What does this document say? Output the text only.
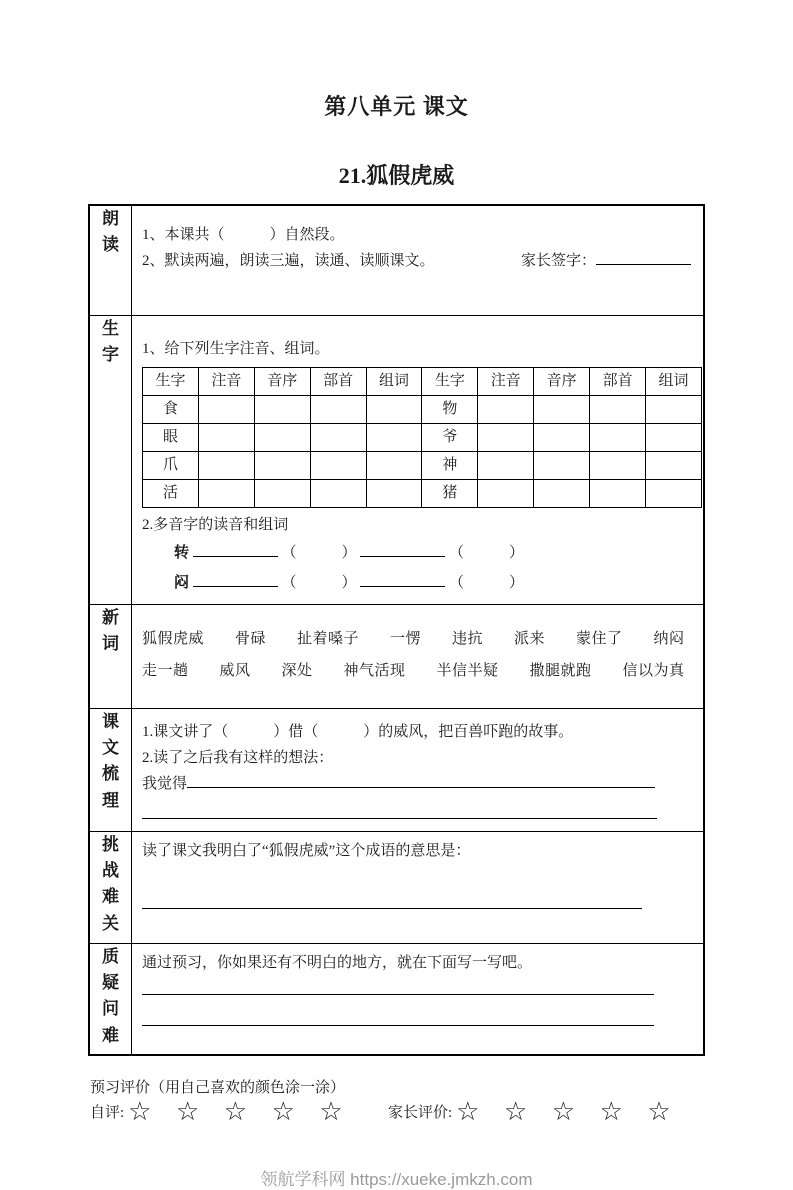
第八单元 课文
21.狐假虎威
朗读

1、本课共（　　　）自然段。
2、默读两遍，朗读三遍，读通、读顺课文。	家长签字：

生字	1、给下列生字注音、组词。
生字	注音	音序	部首	组词	生字	注音	音序	部首	组词
食					物				
眼					爷				
爪					神				
活					猪				
2.多音字的读音和组词
转	（　　　）	（　　　）
闷	（　　　）	（　　　）

新词	狐假虎威　　骨碌　　扯着嗓子　　一愣　　违抗　　派来　　蒙住了　　纳闷
走一趟　　威风　　深处　　神气活现　　半信半疑　　撒腿就跑　　信以为真

课文梳理

1.课文讲了（　　　）借（　　　）的威风，把百兽吓跑的故事。
2.读了之后我有这样的想法：
我觉得

挑战难关

读了课文我明白了“狐假虎威”这个成语的意思是：

质疑问难

通过预习，你如果还有不明白的地方，就在下面写一写吧。
预习评价（用自己喜欢的颜色涂一涂）
自评: ☆ ☆ ☆ ☆ ☆ 家长评价: ☆ ☆ ☆ ☆ ☆
领航学科网 https://xueke.jmkzh.com
